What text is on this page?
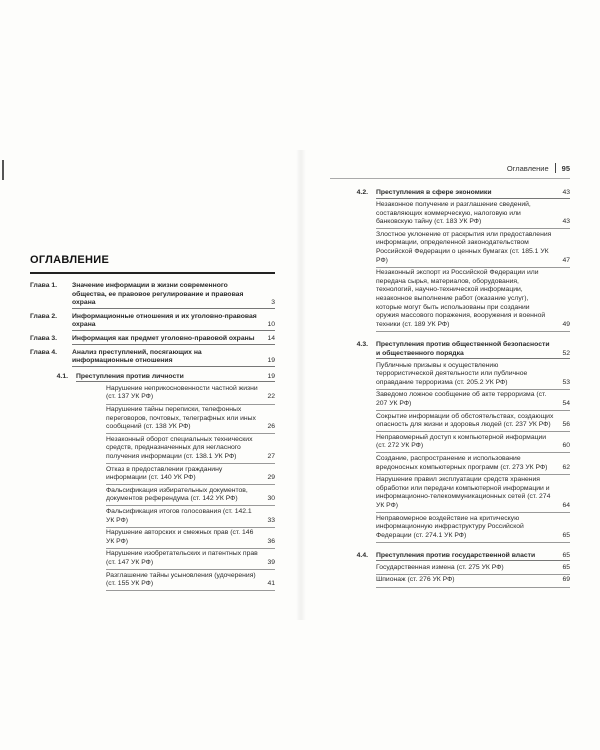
Оглавление 95
ОГЛАВЛЕНИЕ
Глава 1.	Значение информации в жизни современного общества, ее правовое регулирование и правовая охрана	3
Глава 2.	Информационные отношения и их уголовно-правовая охрана	10
Глава 3.	Информация как предмет уголовно-правовой охраны	14
Глава 4.	Анализ преступлений, посягающих на информационные отношения	19
4.1.	Преступления против личности	19
Нарушение неприкосновенности частной жизни (ст. 137 УК РФ)	22
Нарушение тайны переписки, телефонных переговоров, почтовых, телеграфных или иных сообщений (ст. 138 УК РФ)	26
Незаконный оборот специальных технических средств, предназначенных для негласного получения информации (ст. 138.1 УК РФ)	27
Отказ в предоставлении гражданину информации (ст. 140 УК РФ)	29
Фальсификация избирательных документов, документов референдума (ст. 142 УК РФ)	30
Фальсификация итогов голосования (ст. 142.1 УК РФ)	33
Нарушение авторских и смежных прав (ст. 146 УК РФ)	36
Нарушение изобретательских и патентных прав (ст. 147 УК РФ)	39
Разглашение тайны усыновления (удочерения) (ст. 155 УК РФ)	41
4.2.	Преступления в сфере экономики	43
Незаконное получение и разглашение сведений, составляющих коммерческую, налоговую или банковскую тайну (ст. 183 УК РФ)	43
Злостное уклонение от раскрытия или предоставления информации, определенной законодательством Российской Федерации о ценных бумагах (ст. 185.1 УК РФ)	47
Незаконный экспорт из Российской Федерации или передача сырья, материалов, оборудования, технологий, научно-технической информации, незаконное выполнение работ (оказание услуг), которые могут быть использованы при создании оружия массового поражения, вооружения и военной техники (ст. 189 УК РФ)	49
4.3.	Преступления против общественной безопасности и общественного порядка	52
Публичные призывы к осуществлению террористической деятельности или публичное оправдание терроризма (ст. 205.2 УК РФ)	53
Заведомо ложное сообщение об акте терроризма (ст. 207 УК РФ)	54
Сокрытие информации об обстоятельствах, создающих опасность для жизни и здоровья людей (ст. 237 УК РФ)	56
Неправомерный доступ к компьютерной информации (ст. 272 УК РФ)	60
Создание, распространение и использование вредоносных компьютерных программ (ст. 273 УК РФ)	62
Нарушение правил эксплуатации средств хранения обработки или передачи компьютерной информации и информационно-телекоммуникационных сетей (ст. 274 УК РФ)	64
Неправомерное воздействие на критическую информационную инфраструктуру Российской Федерации (ст. 274.1 УК РФ)	65
4.4.	Преступления против государственной власти	65
Государственная измена (ст. 275 УК РФ)	65
Шпионаж (ст. 276 УК РФ)	69
